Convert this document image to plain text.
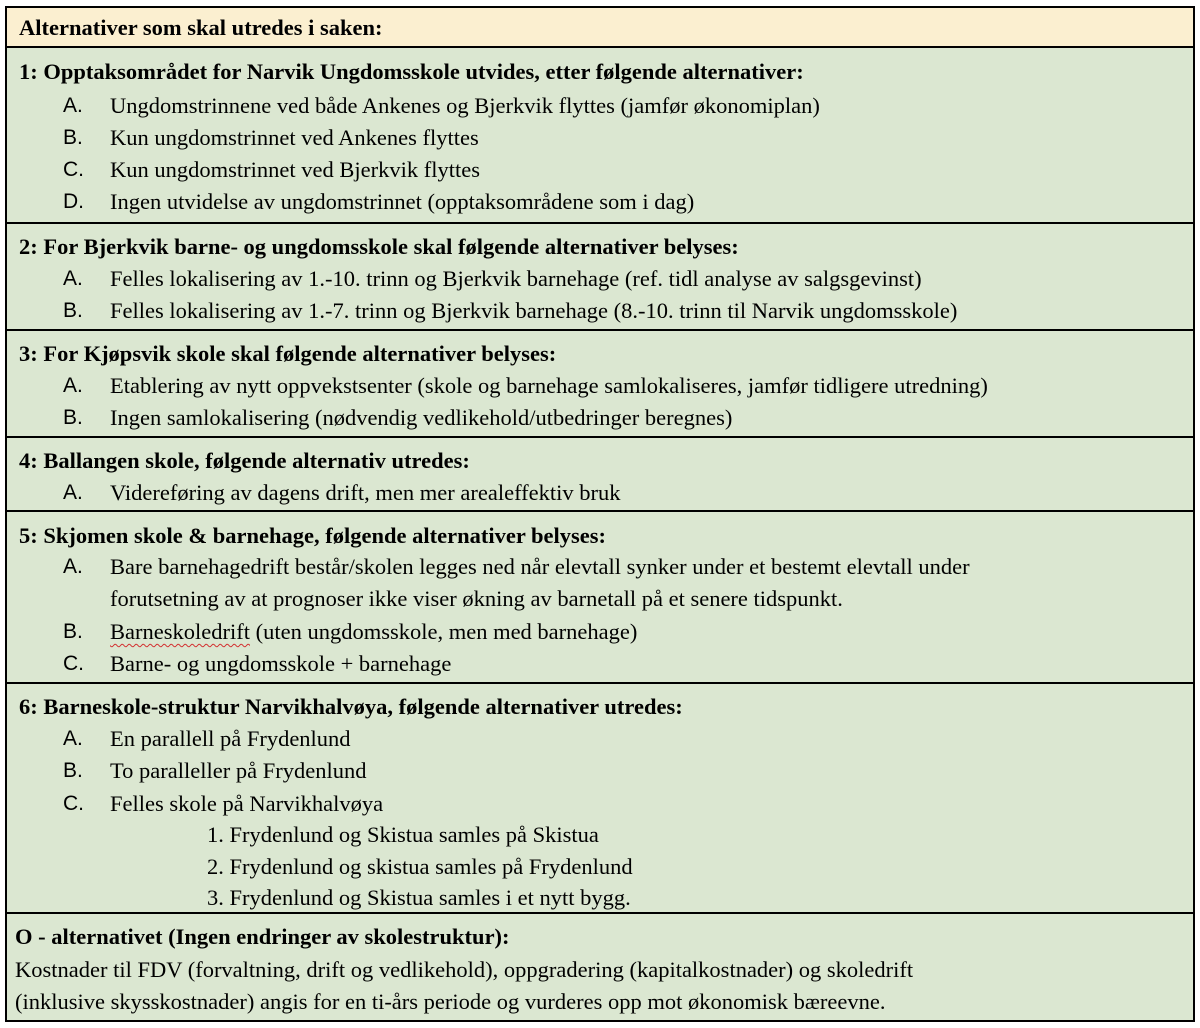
Alternativer som skal utredes i saken:
1: Opptaksområdet for Narvik Ungdomsskole utvides, etter følgende alternativer:
A. Ungdomstrinnene ved både Ankenes og Bjerkvik flyttes (jamfør økonomiplan)
B. Kun ungdomstrinnet ved Ankenes flyttes
C. Kun ungdomstrinnet ved Bjerkvik flyttes
D. Ingen utvidelse av ungdomstrinnet (opptaksområdene som i dag)
2: For Bjerkvik barne- og ungdomsskole skal følgende alternativer belyses:
A. Felles lokalisering av 1.-10. trinn og Bjerkvik barnehage (ref. tidl analyse av salgsgevinst)
B. Felles lokalisering av 1.-7. trinn og Bjerkvik barnehage (8.-10. trinn til Narvik ungdomsskole)
3: For Kjøpsvik skole skal følgende alternativer belyses:
A. Etablering av nytt oppvekstsenter (skole og barnehage samlokaliseres, jamfør tidligere utredning)
B. Ingen samlokalisering (nødvendig vedlikehold/utbedringer beregnes)
4: Ballangen skole, følgende alternativ utredes:
A. Videreføring av dagens drift, men mer arealeffektiv bruk
5: Skjomen skole & barnehage, følgende alternativer belyses:
A. Bare barnehagedrift består/skolen legges ned når elevtall synker under et bestemt elevtall under
forutsetning av at prognoser ikke viser økning av barnetall på et senere tidspunkt.
B. Barneskoledrift (uten ungdomsskole, men med barnehage)
C. Barne- og ungdomsskole + barnehage
6: Barneskole-struktur Narvikhalvøya, følgende alternativer utredes:
A. En parallell på Frydenlund
B. To paralleller på Frydenlund
C. Felles skole på Narvikhalvøya
1. Frydenlund og Skistua samles på Skistua
2. Frydenlund og skistua samles på Frydenlund
3. Frydenlund og Skistua samles i et nytt bygg.
O - alternativet (Ingen endringer av skolestruktur):
Kostnader til FDV (forvaltning, drift og vedlikehold), oppgradering (kapitalkostnader) og skoledrift
(inklusive skysskostnader) angis for en ti-års periode og vurderes opp mot økonomisk bæreevne.
